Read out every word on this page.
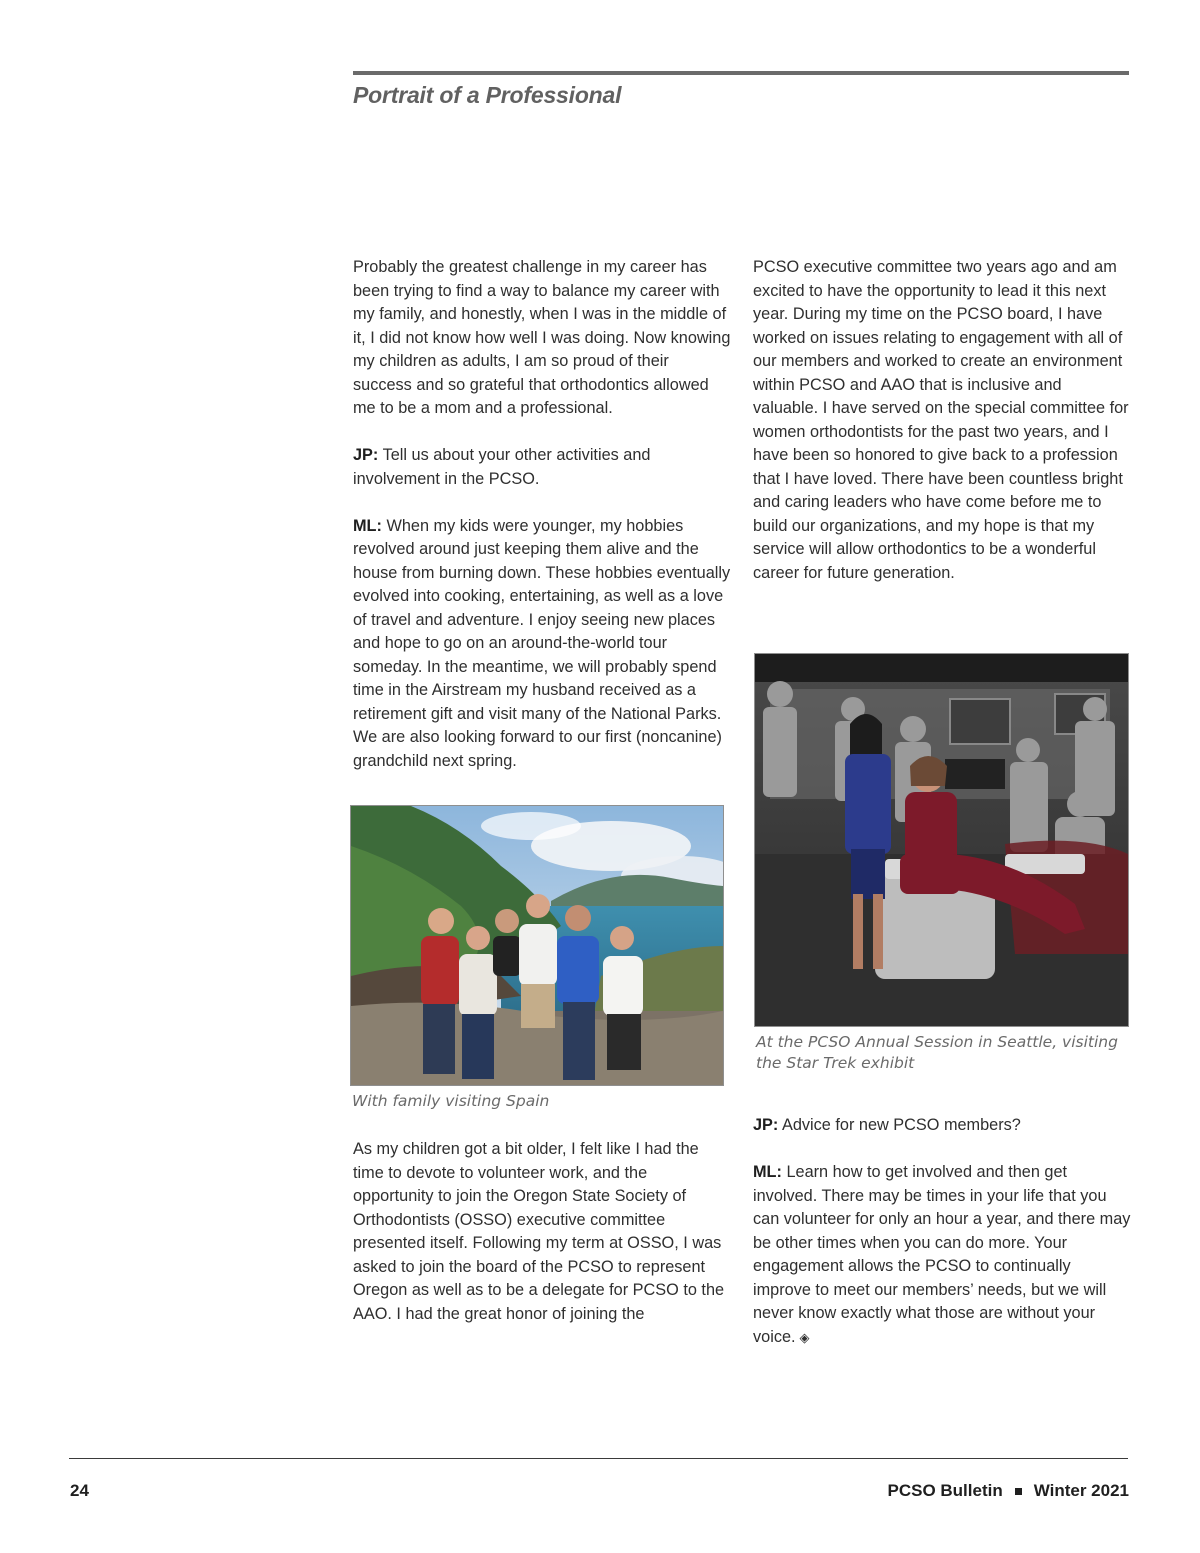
Portrait of a Professional

Probably the greatest challenge in my career has been trying to find a way to balance my career with my family, and honestly, when I was in the middle of it, I did not know how well I was doing. Now knowing my children as adults, I am so proud of their success and so grateful that orthodontics allowed me to be a mom and a professional.

JP: Tell us about your other activities and involvement in the PCSO.

ML: When my kids were younger, my hobbies revolved around just keeping them alive and the house from burning down. These hobbies eventually evolved into cooking, entertaining, as well as a love of travel and adventure. I enjoy seeing new places and hope to go on an around-the-world tour someday. In the meantime, we will probably spend time in the Airstream my husband received as a retirement gift and visit many of the National Parks. We are also looking forward to our first (noncanine) grandchild next spring.

With family visiting Spain

As my children got a bit older, I felt like I had the time to devote to volunteer work, and the opportunity to join the Oregon State Society of Orthodontists (OSSO) executive committee presented itself. Following my term at OSSO, I was asked to join the board of the PCSO to represent Oregon as well as to be a delegate for PCSO to the AAO. I had the great honor of joining the

PCSO executive committee two years ago and am excited to have the opportunity to lead it this next year. During my time on the PCSO board, I have worked on issues relating to engagement with all of our members and worked to create an environment within PCSO and AAO that is inclusive and valuable. I have served on the special committee for women orthodontists for the past two years, and I have been so honored to give back to a profession that I have loved. There have been countless bright and caring leaders who have come before me to build our organizations, and my hope is that my service will allow orthodontics to be a wonderful career for future generation.

At the PCSO Annual Session in Seattle, visiting the Star Trek exhibit

JP: Advice for new PCSO members?

ML: Learn how to get involved and then get involved. There may be times in your life that you can volunteer for only an hour a year, and there may be other times when you can do more. Your engagement allows the PCSO to continually improve to meet our members’ needs, but we will never know exactly what those are without your voice. ◈

24	PCSO Bulletin Winter 2021
